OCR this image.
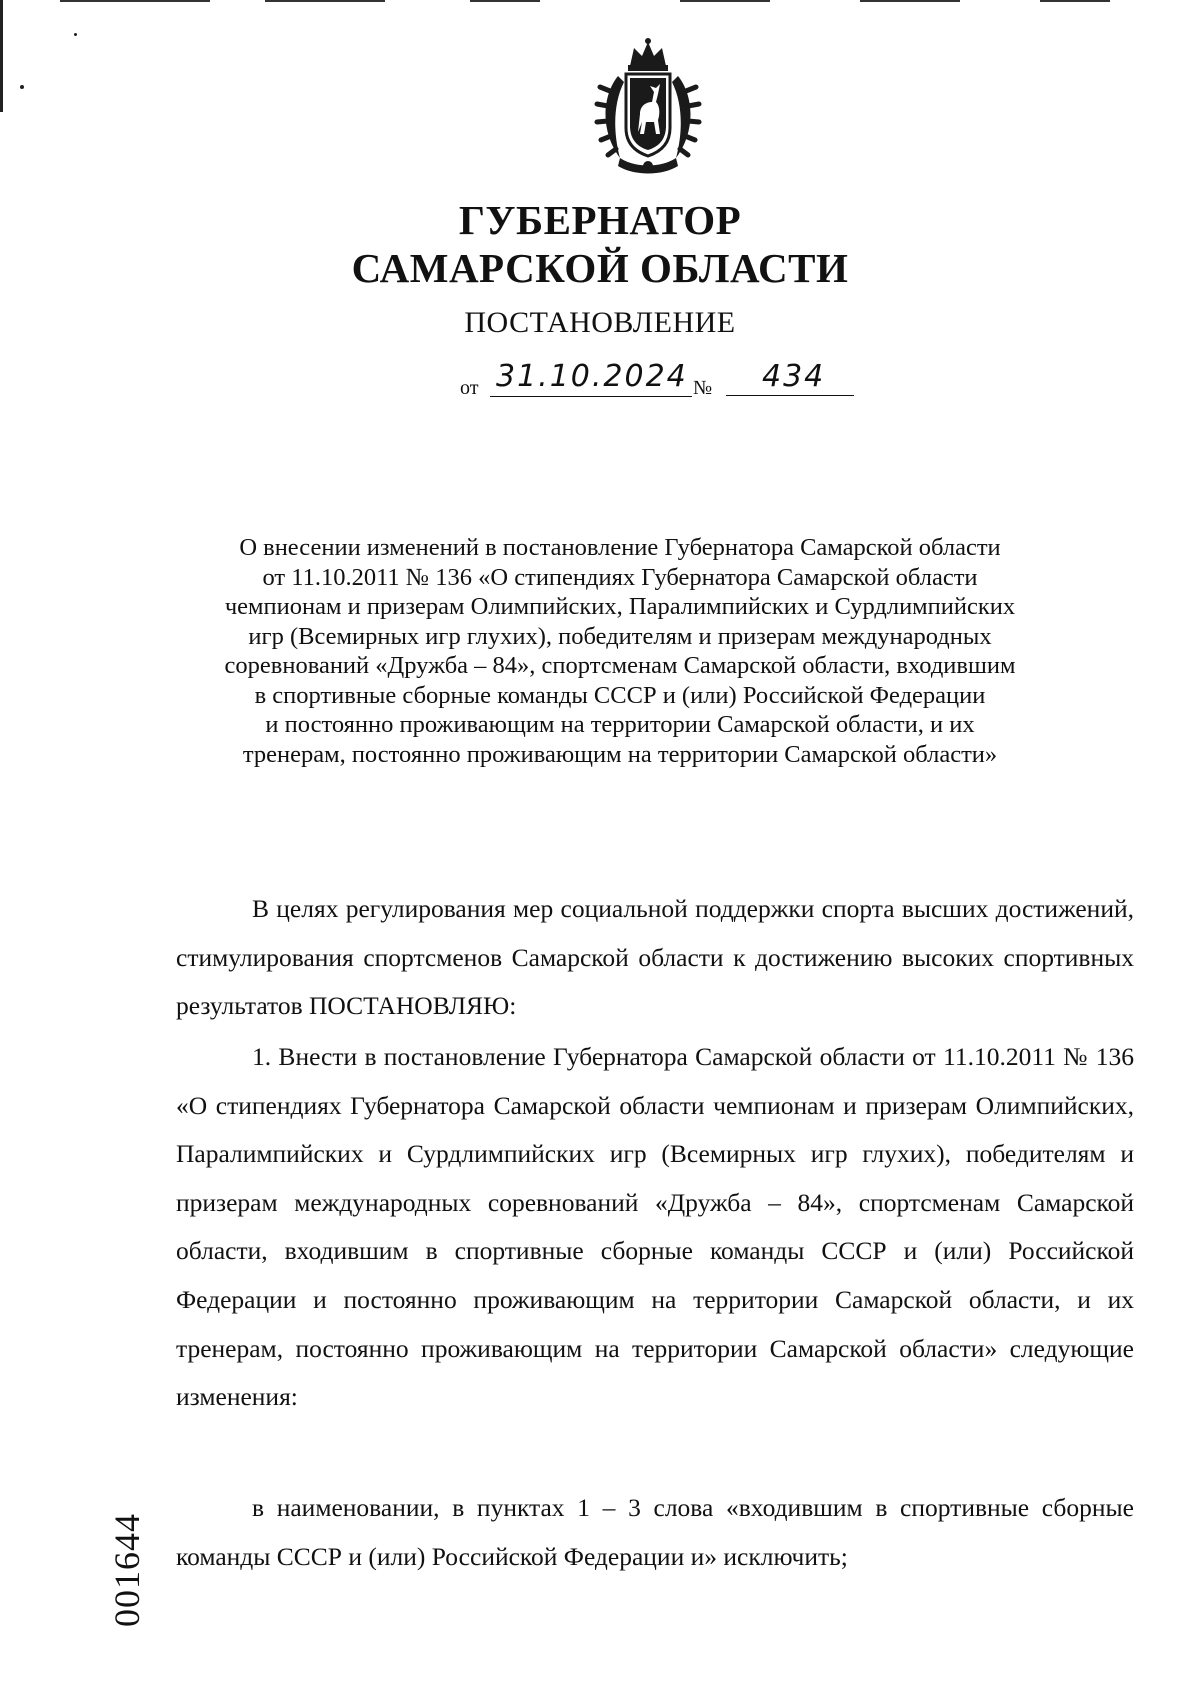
ГУБЕРНАТОР
САМАРСКОЙ ОБЛАСТИ
ПОСТАНОВЛЕНИЕ
от 31.10.2024 №	434
О внесении изменений в постановление Губернатора Самарской области
от 11.10.2011 № 136 «О стипендиях Губернатора Самарской области
чемпионам и призерам Олимпийских, Паралимпийских и Сурдлимпийских
игр (Всемирных игр глухих), победителям и призерам международных
соревнований «Дружба – 84», спортсменам Самарской области, входившим
в спортивные сборные команды СССР и (или) Российской Федерации
и постоянно проживающим на территории Самарской области, и их
тренерам, постоянно проживающим на территории Самарской области»

В целях регулирования мер социальной поддержки спорта высших достижений, стимулирования спортсменов Самарской области к достижению высоких спортивных результатов ПОСТАНОВЛЯЮ:

1. Внести в постановление Губернатора Самарской области от 11.10.2011 № 136 «О стипендиях Губернатора Самарской области чемпионам и призерам Олимпийских, Паралимпийских и Сурдлимпийских игр (Всемирных игр глухих), победителям и призерам международных соревнований «Дружба – 84», спортсменам Самарской области, входившим в спортивные сборные команды СССР и (или) Российской Федерации и постоянно проживающим на территории Самарской области, и их тренерам, постоянно проживающим на территории Самарской области» следующие изменения:

в наименовании, в пунктах 1 – 3 слова «входившим в спортивные сборные команды СССР и (или) Российской Федерации и» исключить;

001644
